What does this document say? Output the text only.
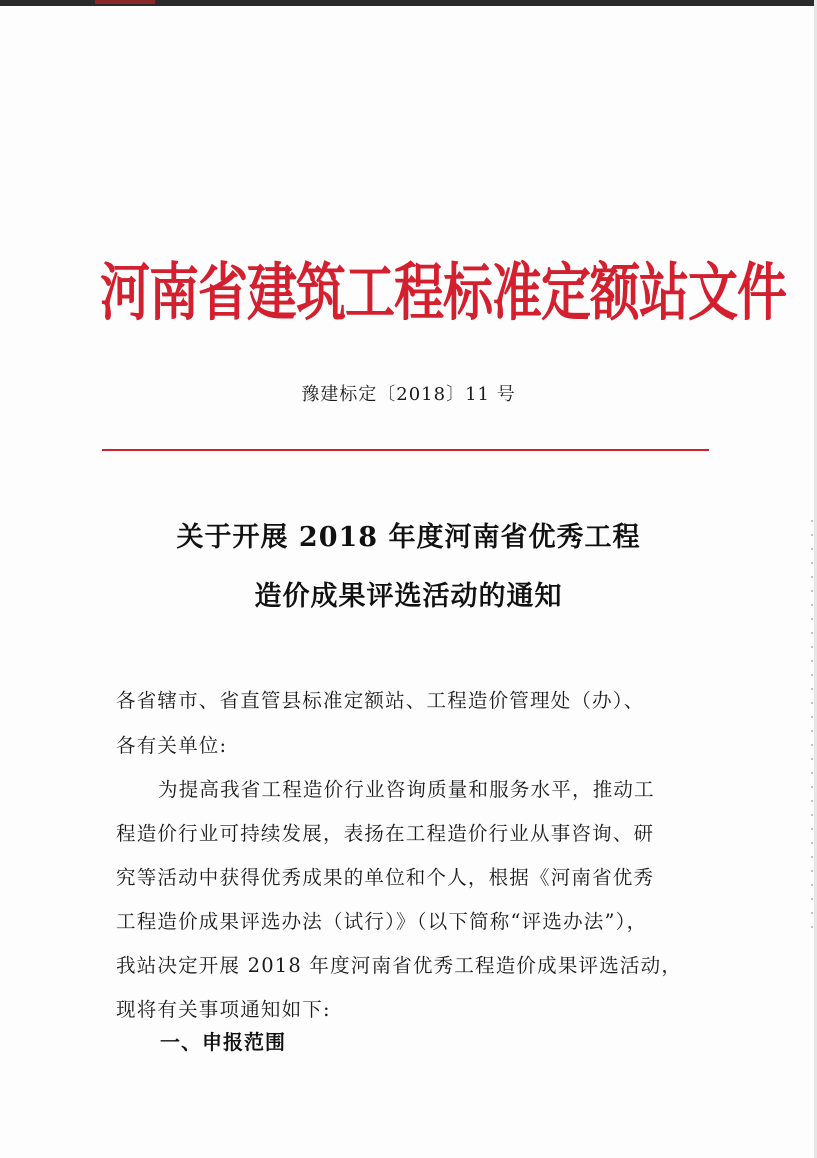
河南省建筑工程标准定额站文件
豫建标定〔2018〕11 号
关于开展 2018 年度河南省优秀工程
造价成果评选活动的通知
各省辖市、省直管县标准定额站、工程造价管理处（办）、
各有关单位:
为提高我省工程造价行业咨询质量和服务水平，推动工
程造价行业可持续发展，表扬在工程造价行业从事咨询、研
究等活动中获得优秀成果的单位和个人，根据《河南省优秀
工程造价成果评选办法（试行）》（以下简称“评选办法”），
我站决定开展 2018 年度河南省优秀工程造价成果评选活动，
现将有关事项通知如下:
一、申报范围
